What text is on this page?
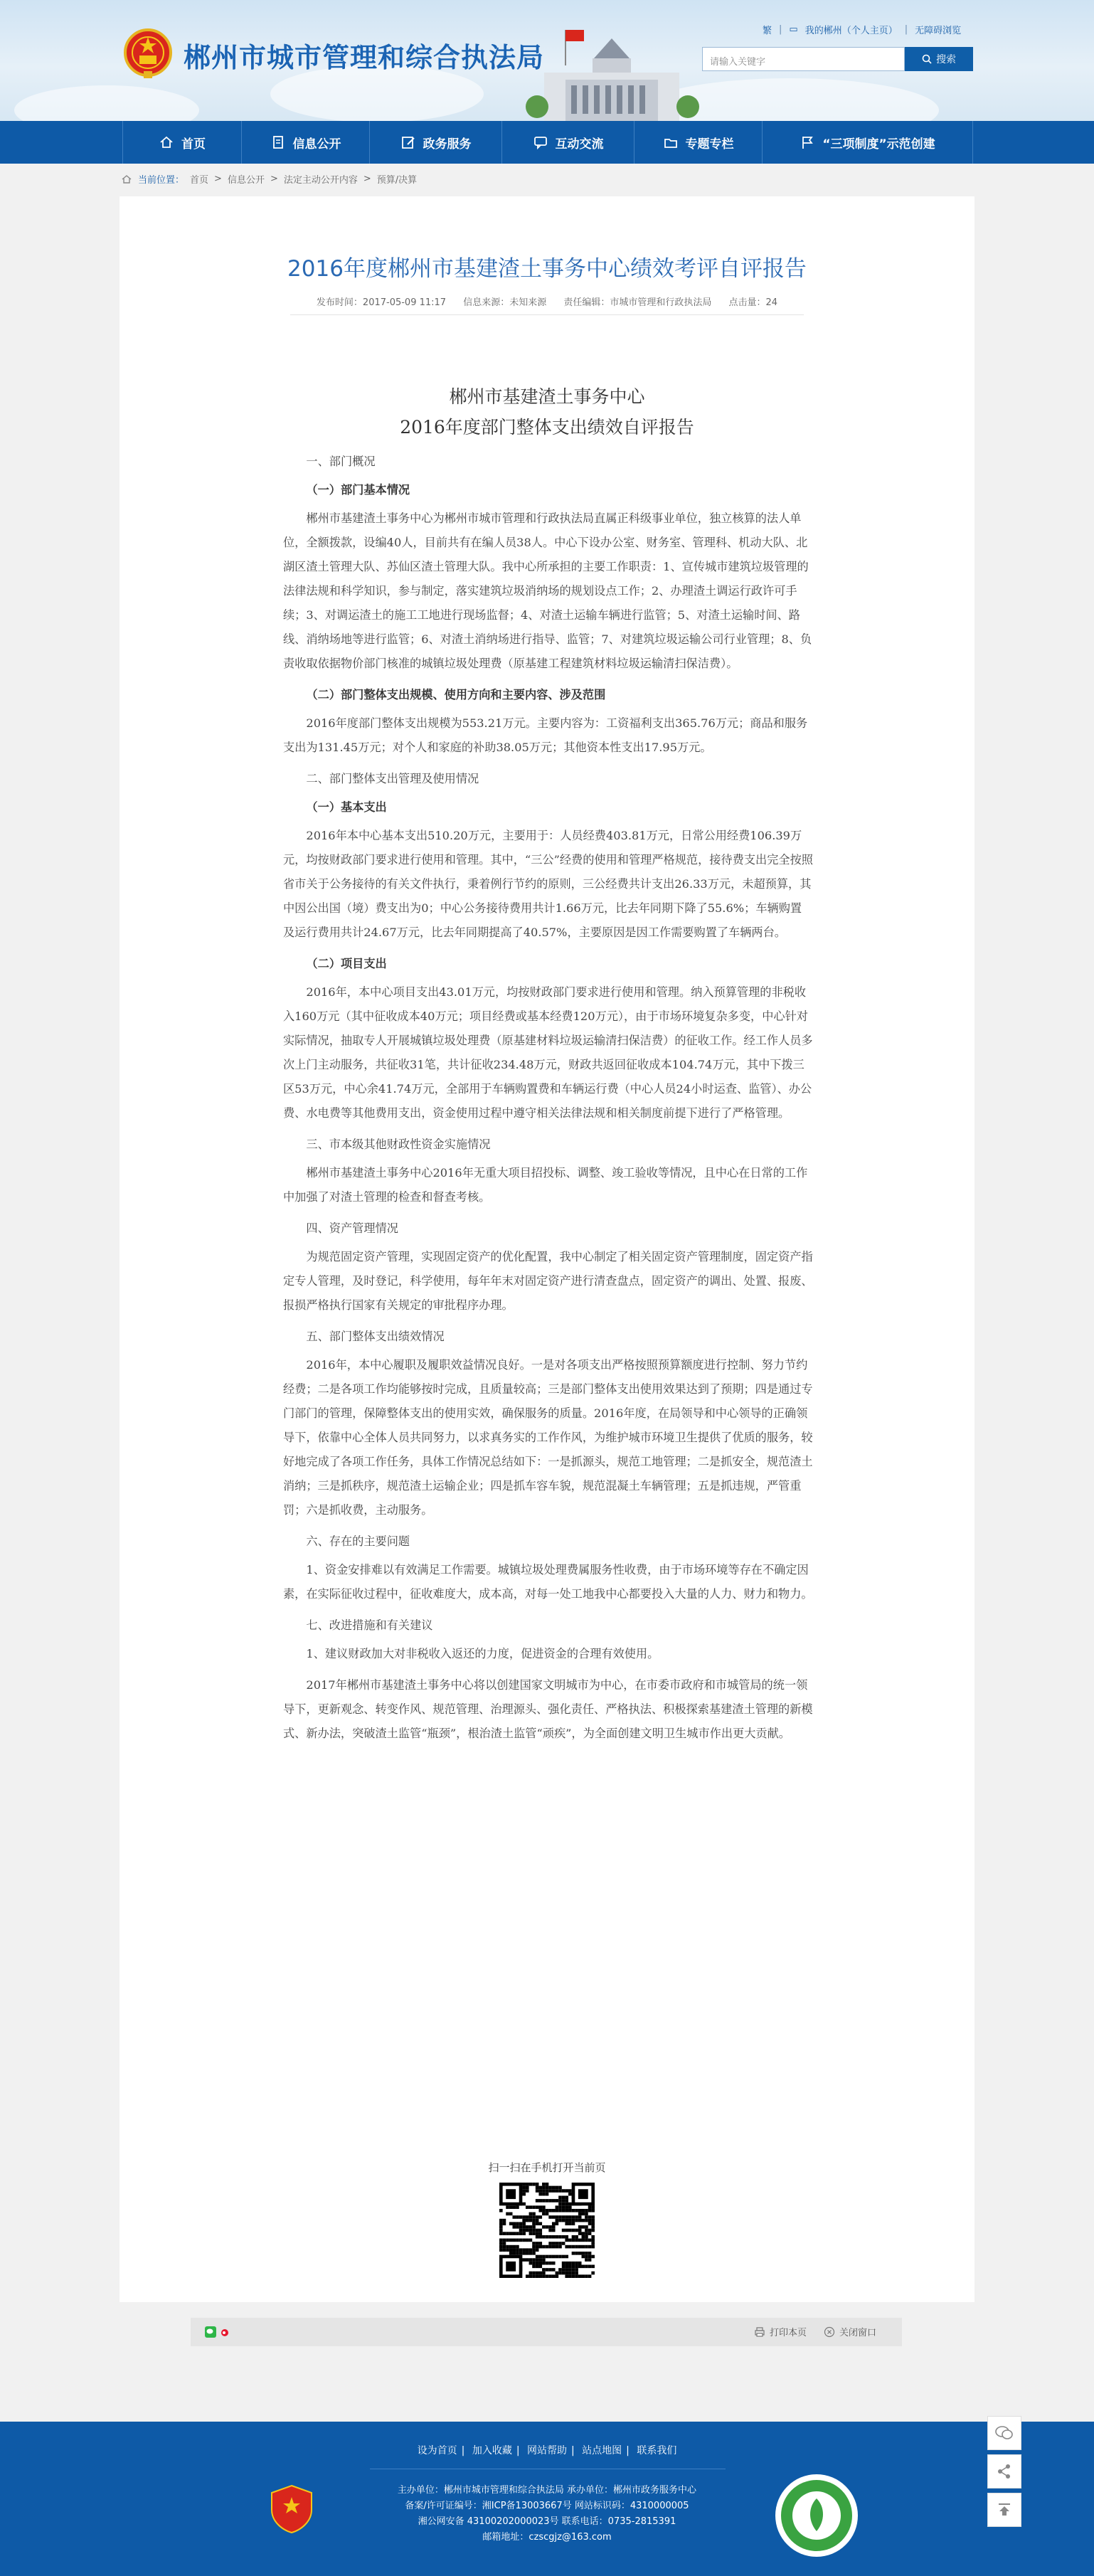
郴州市城市管理和综合执法局
繁 | ▭ 我的郴州（个人主页） | 无障碍浏览
请输入关键字	搜索
首页	信息公开	政务服务	互动交流	专题专栏	“三项制度”示范创建
当前位置： 首页 > 信息公开 > 法定主动公开内容 > 预算/决算
2016年度郴州市基建渣土事务中心绩效考评自评报告
发布时间：2017-05-09 11:17 信息来源：未知来源 责任编辑：市城市管理和行政执法局 点击量：24
郴州市基建渣土事务中心
2016年度部门整体支出绩效自评报告

一、部门概况

（一）部门基本情况

郴州市基建渣土事务中心为郴州市城市管理和行政执法局直属正科级事业单位，独立核算的法人单位，全额拨款，设编40人，目前共有在编人员38人。中心下设办公室、财务室、管理科、机动大队、北湖区渣土管理大队、苏仙区渣土管理大队。我中心所承担的主要工作职责：1、宣传城市建筑垃圾管理的法律法规和科学知识，参与制定，落实建筑垃圾消纳场的规划设点工作；2、办理渣土调运行政许可手续；3、对调运渣土的施工工地进行现场监督；4、对渣土运输车辆进行监管；5、对渣土运输时间、路线、消纳场地等进行监管；6、对渣土消纳场进行指导、监管；7、对建筑垃圾运输公司行业管理；8、负责收取依据物价部门核准的城镇垃圾处理费（原基建工程建筑材料垃圾运输清扫保洁费）。

（二）部门整体支出规模、使用方向和主要内容、涉及范围

2016年度部门整体支出规模为553.21万元。主要内容为：工资福利支出365.76万元；商品和服务支出为131.45万元；对个人和家庭的补助38.05万元；其他资本性支出17.95万元。

二、部门整体支出管理及使用情况

（一）基本支出

2016年本中心基本支出510.20万元，主要用于：人员经费403.81万元，日常公用经费106.39万元，均按财政部门要求进行使用和管理。其中，“三公”经费的使用和管理严格规范，接待费支出完全按照省市关于公务接待的有关文件执行，秉着例行节约的原则，三公经费共计支出26.33万元，未超预算，其中因公出国（境）费支出为0；中心公务接待费用共计1.66万元，比去年同期下降了55.6%；车辆购置及运行费用共计24.67万元，比去年同期提高了40.57%，主要原因是因工作需要购置了车辆两台。

（二）项目支出

2016年，本中心项目支出43.01万元，均按财政部门要求进行使用和管理。纳入预算管理的非税收入160万元（其中征收成本40万元；项目经费或基本经费120万元），由于市场环境复杂多变，中心针对实际情况，抽取专人开展城镇垃圾处理费（原基建材料垃圾运输清扫保洁费）的征收工作。经工作人员多次上门主动服务，共征收31笔，共计征收234.48万元，财政共返回征收成本104.74万元，其中下拨三区53万元，中心余41.74万元，全部用于车辆购置费和车辆运行费（中心人员24小时运查、监管）、办公费、水电费等其他费用支出，资金使用过程中遵守相关法律法规和相关制度前提下进行了严格管理。

三、市本级其他财政性资金实施情况

郴州市基建渣土事务中心2016年无重大项目招投标、调整、竣工验收等情况，且中心在日常的工作中加强了对渣土管理的检查和督查考核。

四、资产管理情况

为规范固定资产管理，实现固定资产的优化配置，我中心制定了相关固定资产管理制度，固定资产指定专人管理，及时登记，科学使用，每年年末对固定资产进行清查盘点，固定资产的调出、处置、报废、报损严格执行国家有关规定的审批程序办理。

五、部门整体支出绩效情况

2016年，本中心履职及履职效益情况良好。一是对各项支出严格按照预算额度进行控制、努力节约经费；二是各项工作均能够按时完成，且质量较高；三是部门整体支出使用效果达到了预期；四是通过专门部门的管理，保障整体支出的使用实效，确保服务的质量。2016年度，在局领导和中心领导的正确领导下，依靠中心全体人员共同努力，以求真务实的工作作风，为维护城市环境卫生提供了优质的服务，较好地完成了各项工作任务，具体工作情况总结如下：一是抓源头，规范工地管理；二是抓安全，规范渣土消纳；三是抓秩序，规范渣土运输企业；四是抓车容车貌，规范混凝土车辆管理；五是抓违规，严管重罚；六是抓收费，主动服务。

六、存在的主要问题

1、资金安排难以有效满足工作需要。城镇垃圾处理费属服务性收费，由于市场环境等存在不确定因素，在实际征收过程中，征收难度大，成本高，对每一处工地我中心都要投入大量的人力、财力和物力。

七、改进措施和有关建议

1、建议财政加大对非税收入返还的力度，促进资金的合理有效使用。

2017年郴州市基建渣土事务中心将以创建国家文明城市为中心，在市委市政府和市城管局的统一领导下，更新观念、转变作风、规范管理、治理源头、强化责任、严格执法、积极探索基建渣土管理的新模式、新办法，突破渣土监管“瓶颈”，根治渣土监管“顽疾”，为全面创建文明卫生城市作出更大贡献。

扫一扫在手机打开当前页
打印本页	关闭窗口
设为首页 | 加入收藏 | 网站帮助 | 站点地图 | 联系我们
主办单位：郴州市城市管理和综合执法局 承办单位：郴州市政务服务中心
备案/许可证编号：湘ICP备13003667号 网站标识码：4310000005
湘公网安备 43100202000023号 联系电话：0735-2815391
邮箱地址：czscgjz@163.com
